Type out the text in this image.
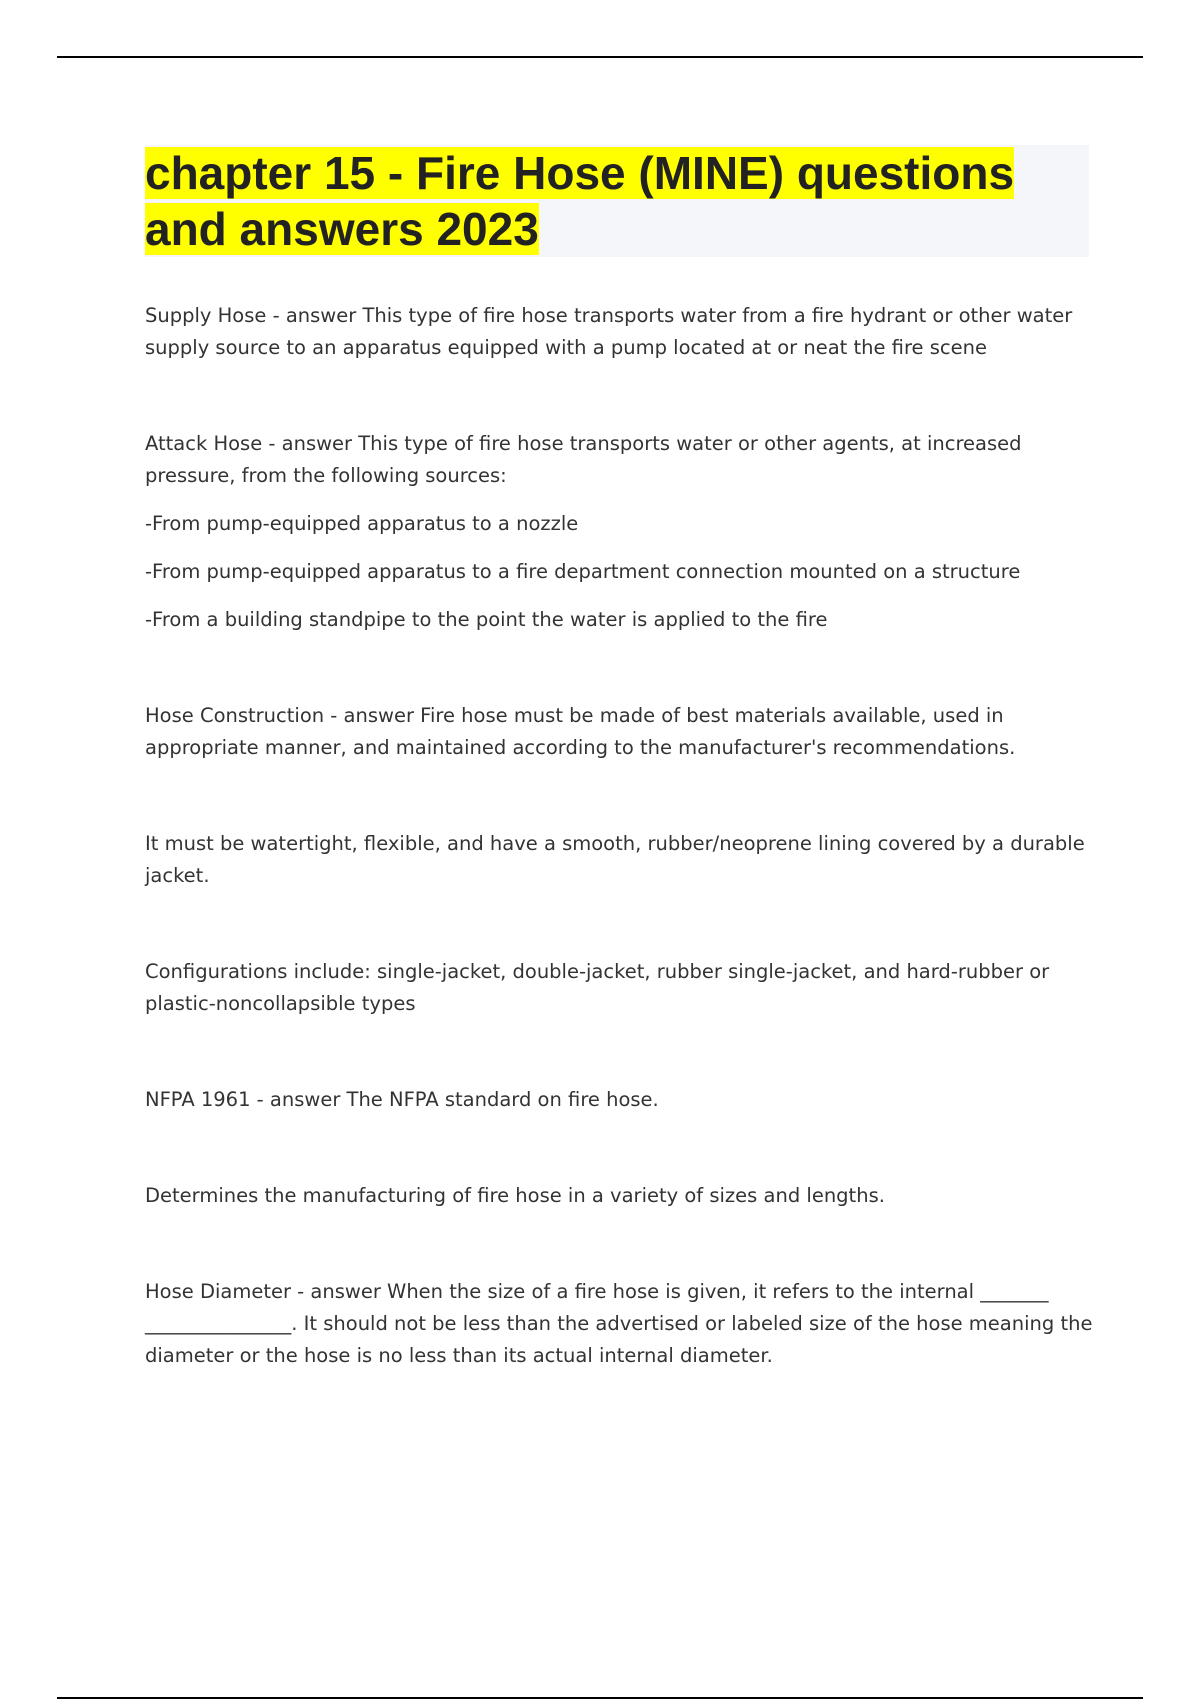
chapter 15 - Fire Hose (MINE) questions and answers 2023

Supply Hose - answer This type of fire hose transports water from a fire hydrant or other water supply source to an apparatus equipped with a pump located at or neat the fire scene

Attack Hose - answer This type of fire hose transports water or other agents, at increased pressure, from the following sources:

-From pump-equipped apparatus to a nozzle

-From pump-equipped apparatus to a fire department connection mounted on a structure

-From a building standpipe to the point the water is applied to the fire

Hose Construction - answer Fire hose must be made of best materials available, used in appropriate manner, and maintained according to the manufacturer's recommendations.

It must be watertight, flexible, and have a smooth, rubber/neoprene lining covered by a durable jacket.

Configurations include: single-jacket, double-jacket, rubber single-jacket, and hard-rubber or plastic-noncollapsible types

NFPA 1961 - answer The NFPA standard on fire hose.

Determines the manufacturing of fire hose in a variety of sizes and lengths.

Hose Diameter - answer When the size of a fire hose is given, it refers to the internal _______ _______________. It should not be less than the advertised or labeled size of the hose meaning the diameter or the hose is no less than its actual internal diameter.
